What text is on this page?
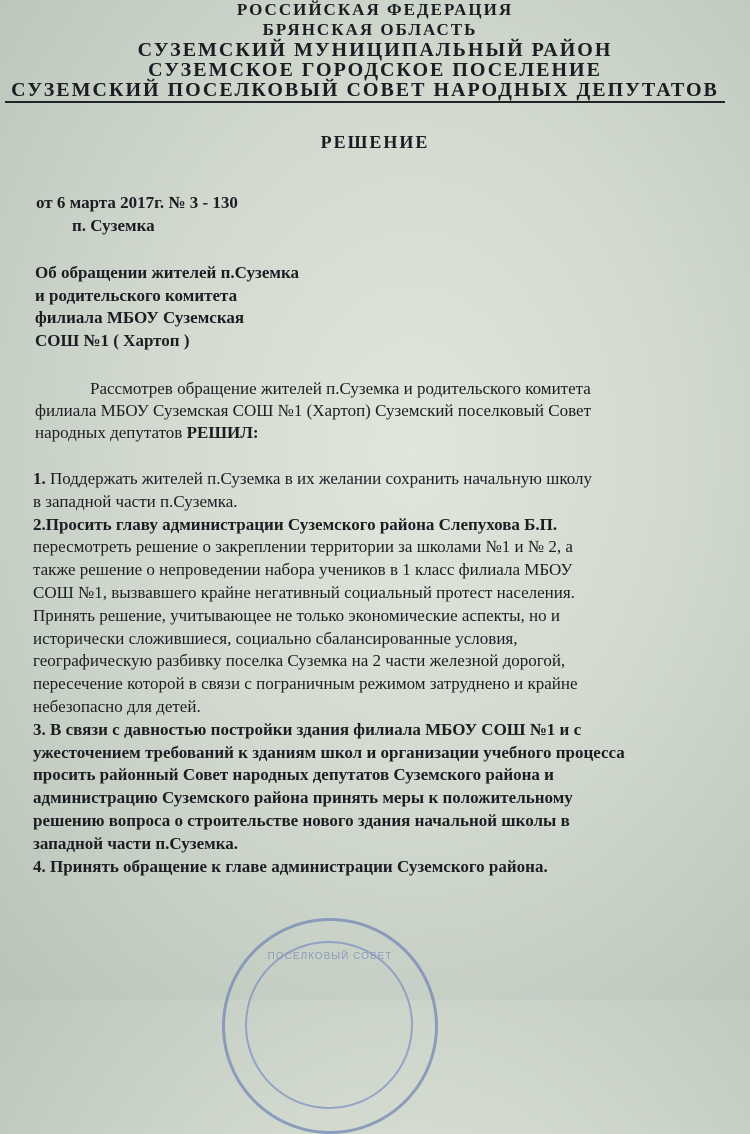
РОССИЙСКАЯ ФЕДЕРАЦИЯ
БРЯНСКАЯ ОБЛАСТЬ
СУЗЕМСКИЙ МУНИЦИПАЛЬНЫЙ РАЙОН
СУЗЕМСКОЕ ГОРОДСКОЕ ПОСЕЛЕНИЕ
СУЗЕМСКИЙ ПОСЕЛКОВЫЙ СОВЕТ НАРОДНЫХ ДЕПУТАТОВ
РЕШЕНИЕ
от 6 марта 2017г. № 3 - 130
п. Суземка
Об обращении жителей п.Суземка
и родительского комитета
филиала МБОУ Суземская
СОШ №1 ( Хартоп )
Рассмотрев обращение жителей п.Суземка и родительского комитета
филиала МБОУ Суземская СОШ №1 (Хартоп) Суземский поселковый Совет
народных депутатов РЕШИЛ:

1. Поддержать жителей п.Суземка в их желании сохранить начальную школу

в западной части п.Суземка.

2.Просить главу администрации Суземского района Слепухова Б.П.

пересмотреть решение о закреплении территории за школами №1 и № 2, а

также решение о непроведении набора учеников в 1 класс филиала МБОУ

СОШ №1, вызвавшего крайне негативный социальный протест населения.

Принять решение, учитывающее не только экономические аспекты, но и

исторически сложившиеся, социально сбалансированные условия,

географическую разбивку поселка Суземка на 2 части железной дорогой,

пересечение которой в связи с пограничным режимом затруднено и крайне

небезопасно для детей.

3. В связи с давностью постройки здания филиала МБОУ СОШ №1 и с

ужесточением требований к зданиям школ и организации учебного процесса

просить районный Совет народных депутатов Суземского района и

администрацию Суземского района принять меры к положительному

решению вопроса о строительстве нового здания начальной школы в

западной части п.Суземка.

4. Принять обращение к главе администрации Суземского района.

ПОСЕЛКОВЫЙ СОВЕТ
